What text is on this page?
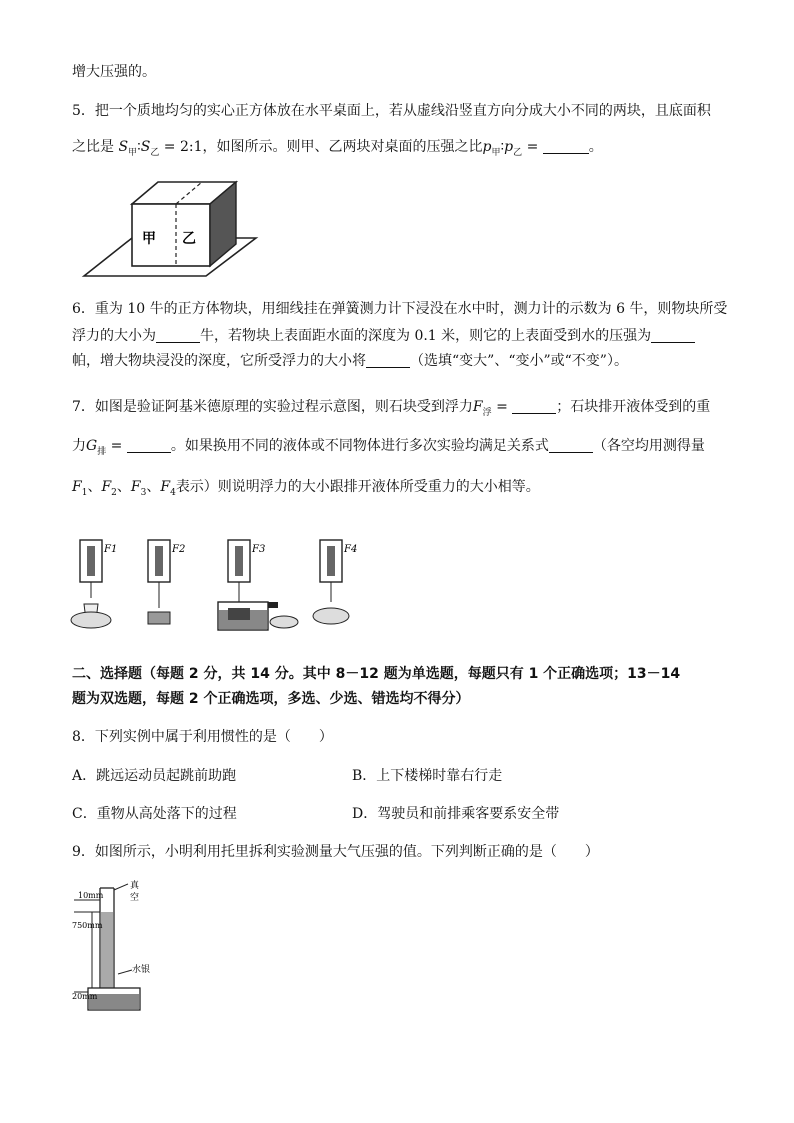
增大压强的。
5．把一个质地均匀的实心正方体放在水平桌面上，若从虚线沿竖直方向分成大小不同的两块，且底面积
之比是 $S_甲∶S_乙$ = 2:1，如图所示。则甲、乙两块对桌面的压强之比$p_甲∶p_乙$ =	。
甲 乙
6．重为 10 牛的正方体物块，用细线挂在弹簧测力计下浸没在水中时，测力计的示数为 6 牛，则物块所受
浮力的大小为	牛，若物块上表面距水面的深度为 0.1 米，则它的上表面受到水的压强为
帕，增大物块浸没的深度，它所受浮力的大小将	（选填“变大”、“变小”或“不变”）。
7．如图是验证阿基米德原理的实验过程示意图，则石块受到浮力$F_浮$ =	；石块排开液体受到的重
力$G_排$ =	。如果换用不同的液体或不同物体进行多次实验均满足关系式	（各空均用测得量
$F_1$、$F_2$、$F_3$、$F_4$表示）则说明浮力的大小跟排开液体所受重力的大小相等。
F1	F2	F3	F4
二、选择题（每题 2 分，共 14 分。其中 8－12 题为单选题，每题只有 1 个正确选项；13－14
题为双选题，每题 2 个正确选项，多选、少选、错选均不得分）
8．下列实例中属于利用惯性的是（　　）
A．跳远运动员起跳前助跑	B．上下楼梯时靠右行走
C．重物从高处落下的过程	D．驾驶员和前排乘客要系安全带
9．如图所示，小明利用托里拆利实验测量大气压强的值。下列判断正确的是（　　）
10mm
750mm
20mm
真
空
水银
